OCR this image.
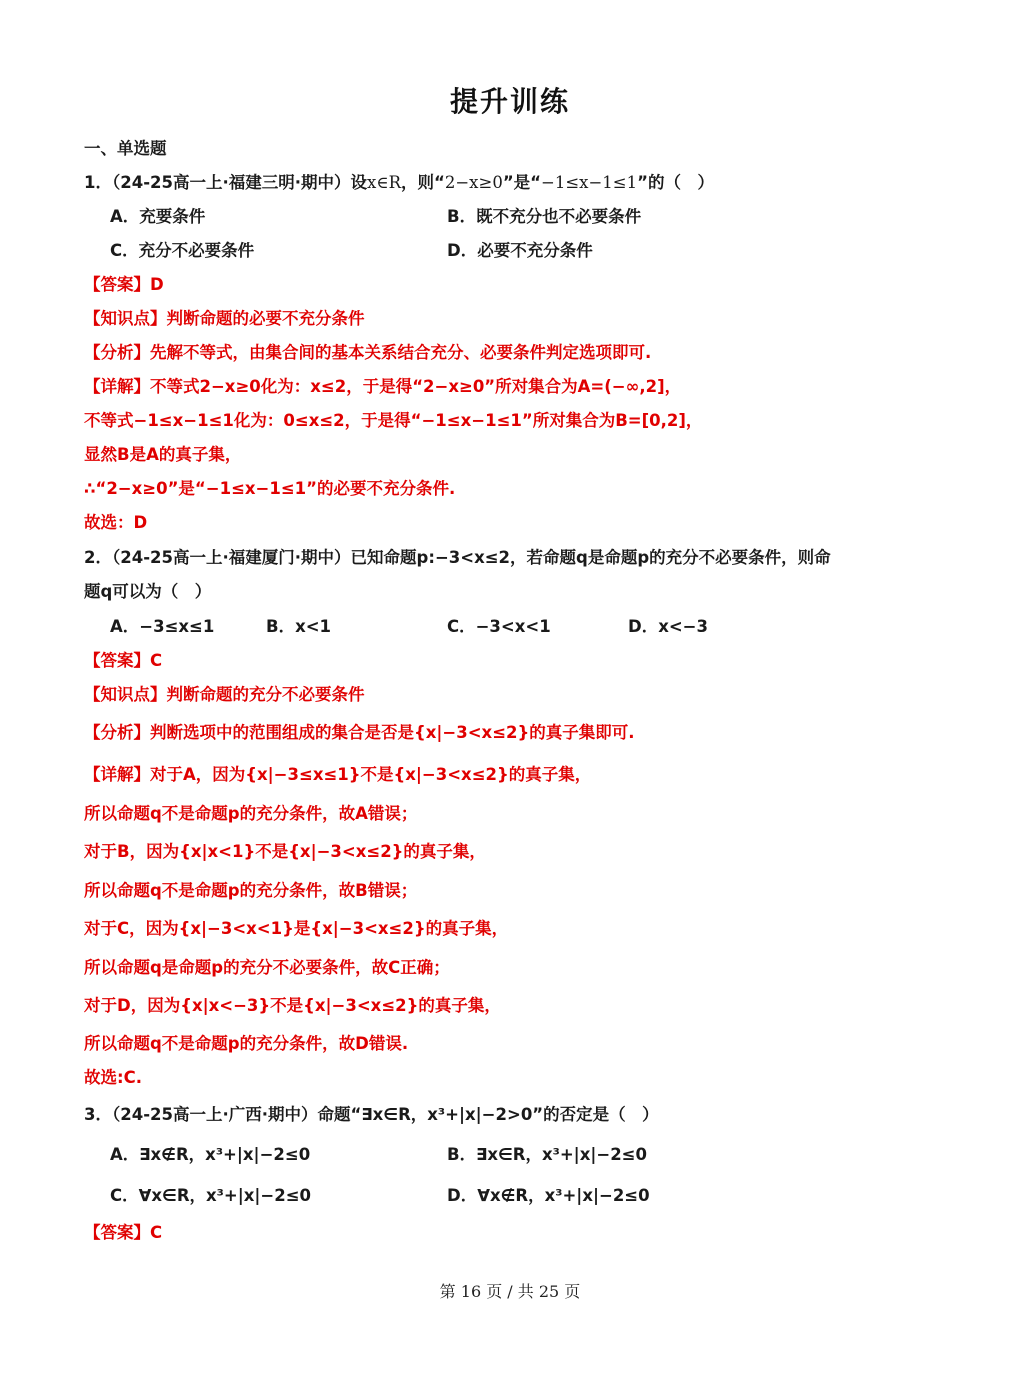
提升训练
一、单选题
1．（24-25高一上·福建三明·期中）设x∈R，则“2−x≥0”是“−1≤x−1≤1”的（　）
A．充要条件	B．既不充分也不必要条件
C．充分不必要条件	D．必要不充分条件
【答案】D
【知识点】判断命题的必要不充分条件
【分析】先解不等式，由集合间的基本关系结合充分、必要条件判定选项即可.
【详解】不等式2−x≥0化为：x≤2，于是得“2−x≥0”所对集合为A=(−∞,2]，
不等式−1≤x−1≤1化为：0≤x≤2，于是得“−1≤x−1≤1”所对集合为B=[0,2]，
显然B是A的真子集，
∴“2−x≥0”是“−1≤x−1≤1”的必要不充分条件.
故选：D
2．（24-25高一上·福建厦门·期中）已知命题p:−3<x≤2，若命题q是命题p的充分不必要条件，则命
题q可以为（　）
A．−3≤x≤1	B．x<1	C．−3<x<1	D．x<−3
【答案】C
【知识点】判断命题的充分不必要条件
【分析】判断选项中的范围组成的集合是否是{x|−3<x≤2}的真子集即可.
【详解】对于A，因为{x|−3≤x≤1}不是{x|−3<x≤2}的真子集，
所以命题q不是命题p的充分条件，故A错误；
对于B，因为{x|x<1}不是{x|−3<x≤2}的真子集，
所以命题q不是命题p的充分条件，故B错误；
对于C，因为{x|−3<x<1}是{x|−3<x≤2}的真子集，
所以命题q是命题p的充分不必要条件，故C正确；
对于D，因为{x|x<−3}不是{x|−3<x≤2}的真子集，
所以命题q不是命题p的充分条件，故D错误.
故选:C.
3．（24-25高一上·广西·期中）命题“∃x∈R，x³+|x|−2>0”的否定是（　）
A．∃x∉R，x³+|x|−2≤0	B．∃x∈R，x³+|x|−2≤0
C．∀x∈R，x³+|x|−2≤0	D．∀x∉R，x³+|x|−2≤0
【答案】C
第 16 页 / 共 25 页
